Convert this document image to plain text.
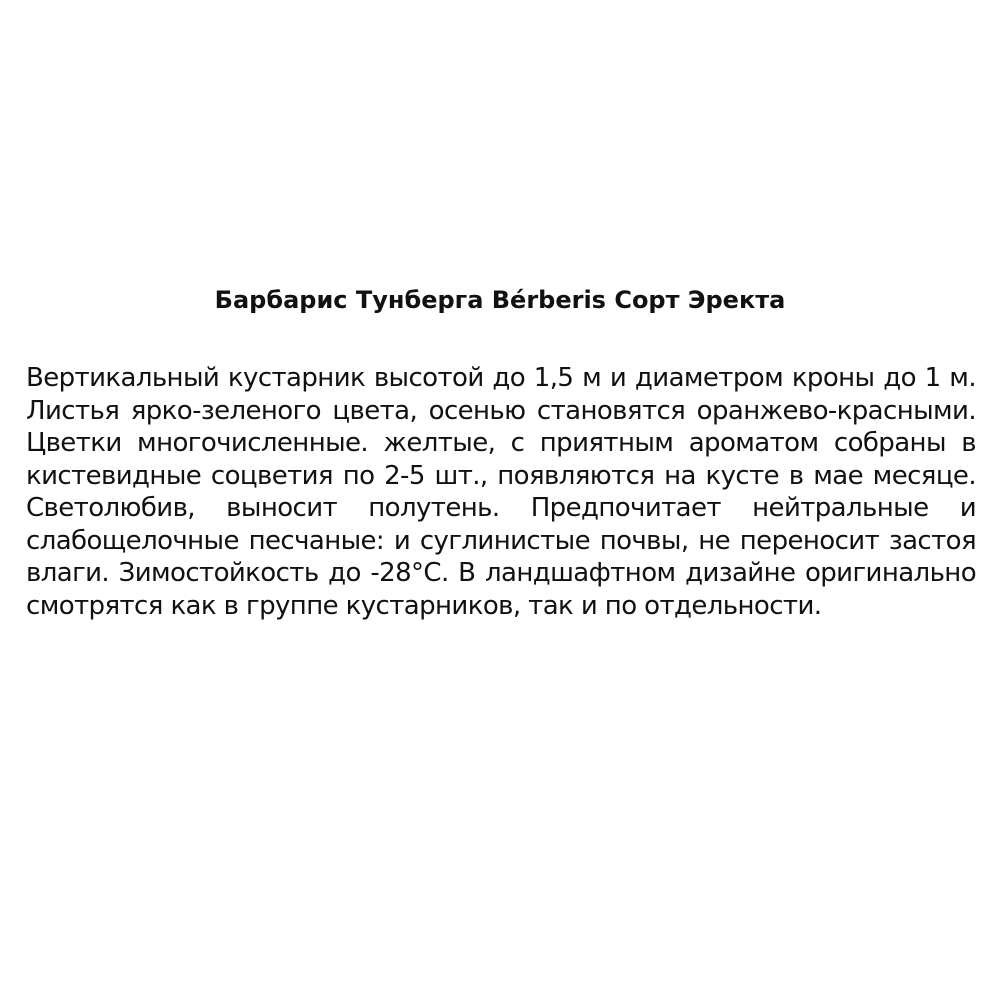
Барбарис Тунберга Bérberis Сорт Эректа

Вертикальный кустарник высотой до 1,5 м и диаметром кроны до 1 м. Листья ярко-зеленого цвета, осенью становятся оранжево-красными. Цветки многочисленные. желтые, с приятным ароматом собраны в кистевидные соцветия по 2-5 шт., появляются на кусте в мае месяце. Светолюбив, выносит полутень. Предпочитает нейтральные и слабощелочные песчаные: и суглинистые почвы, не переносит застоя влаги. Зимостойкость до -28°С. В ландшафтном дизайне оригинально смотрятся как в группе кустарников, так и по отдельности.
